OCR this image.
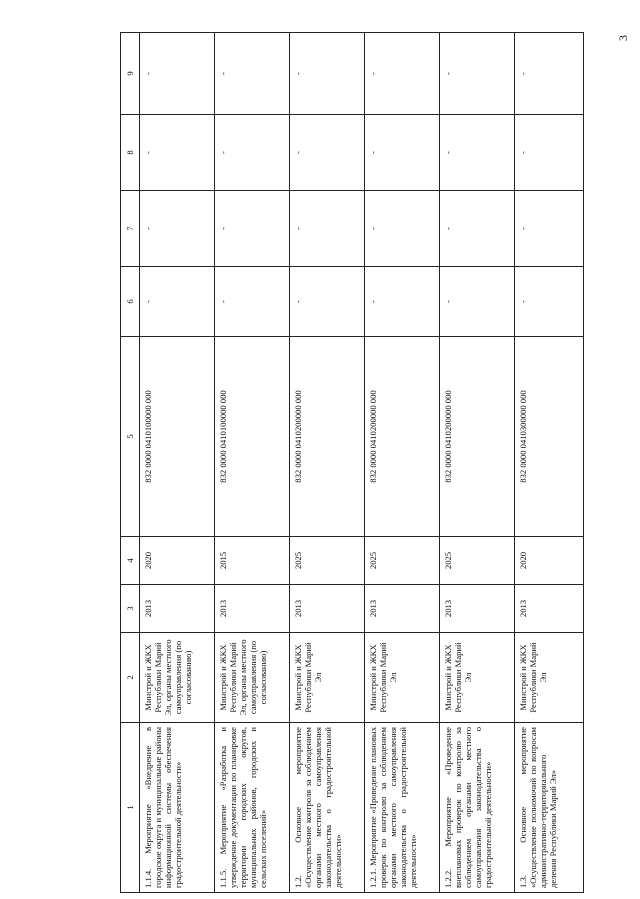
3
1	2	3	4	5	6	7	8	9
1.1.4. Мероприятие «Внедрение в городские округа и муниципальные районы информационной системы обеспечения градостроительной деятельности»	Минстрой и ЖКХ Республики Марий Эл, органы местного самоуправления (по согласованию)	2013	2020	832 0000 0410100000 000	-	-	-	-
1.1.5. Мероприятие «Разработка и утверждение документации по планировке территории городских округов, муниципальных районов, городских и сельских поселений»	Минстрой и ЖКХ Республики Марий Эл, органы местного самоуправления (по согласованию)	2013	2015	832 0000 0410100000 000	-	-	-	-
1.2. Основное мероприятие «Осуществление контроля за соблюдением органами местного самоуправления законодательства о градостроительной деятельности»	Минстрой и ЖКХ Республики Марий Эл	2013	2025	832 0000 0410200000 000	-	-	-	-
1.2.1. Мероприятие «Проведение плановых проверок по контролю за соблюдением органами местного самоуправления законодательства о градостроительной деятельности»	Минстрой и ЖКХ Республики Марий Эл	2013	2025	832 0000 0410200000 000	-	-	-	-
1.2.2. Мероприятие «Проведение внеплановых проверок по контролю за соблюдением органами местного самоуправления законодательства о градостроительной деятельности»	Минстрой и ЖКХ Республики Марий Эл	2013	2025	832 0000 0410200000 000	-	-	-	-
1.3. Основное мероприятие «Осуществление полномочий по вопросам административно-территориального деления Республики Марий Эл»	Минстрой и ЖКХ Республики Марий Эл	2013	2020	832 0000 0410300000 000	-	-	-	-
